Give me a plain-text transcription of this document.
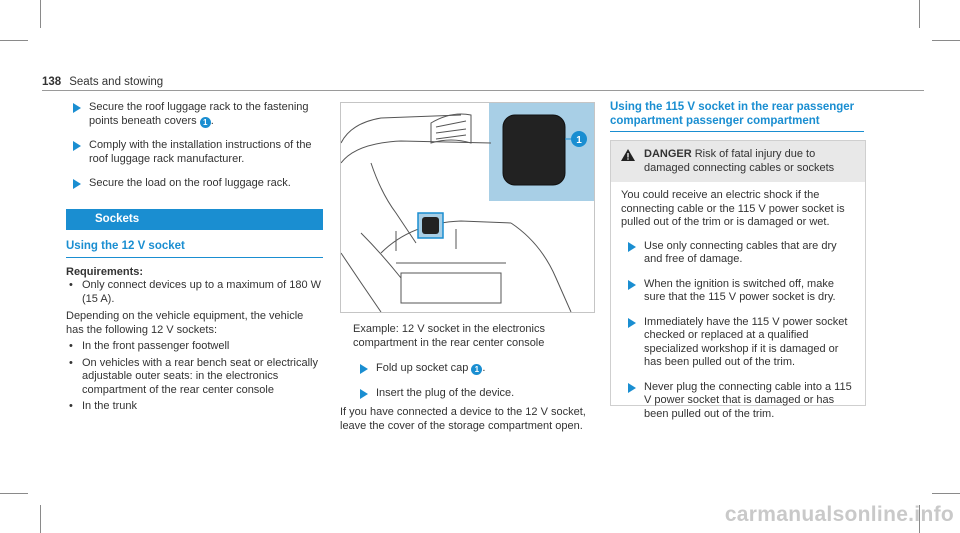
138 Seats and stowing
Secure the roof luggage rack to the fastening points beneath covers 1 .
Comply with the installation instructions of the roof luggage rack manufacturer.
Secure the load on the roof luggage rack.
Sockets
Using the 12 V socket
Requirements:
• Only connect devices up to a maximum of 180 W (15 A).
Depending on the vehicle equipment, the vehicle has the following 12 V sockets:
• In the front passenger footwell
• On vehicles with a rear bench seat or electrically adjustable outer seats: in the electronics compartment of the rear center console
• In the trunk
1
Example: 12 V socket in the electronics compartment in the rear center console
Fold up socket cap 1 .
Insert the plug of the device.
If you have connected a device to the 12 V socket, leave the cover of the storage compartment open.
Using the 115 V socket in the rear passenger compartment passenger compartment
DANGER Risk of fatal injury due to damaged connecting cables or sockets
You could receive an electric shock if the connecting cable or the 115 V power socket is pulled out of the trim or is damaged or wet.
Use only connecting cables that are dry and free of damage.
When the ignition is switched off, make sure that the 115 V power socket is dry.
Immediately have the 115 V power socket checked or replaced at a qualified specialized workshop if it is damaged or has been pulled out of the trim.
Never plug the connecting cable into a 115 V power socket that is damaged or has been pulled out of the trim.
carmanualsonline.info
